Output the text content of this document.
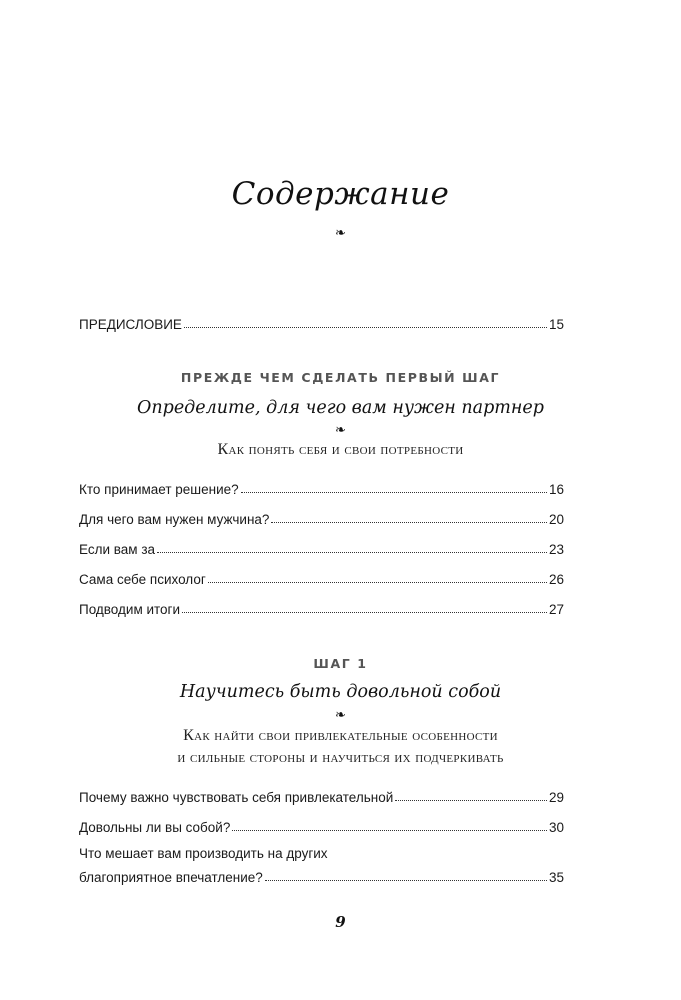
Содержание
❧
ПРЕДИСЛОВИЕ	15
ПРЕЖДЕ ЧЕМ СДЕЛАТЬ ПЕРВЫЙ ШАГ
Определите, для чего вам нужен партнер
❧
Как понять себя и свои потребности
Кто принимает решение?	16
Для чего вам нужен мужчина?	20
Если вам за	23
Сама себе психолог	26
Подводим итоги	27
ШАГ 1
Научитесь быть довольной собой
❧
Как найти свои привлекательные особенности
и сильные стороны и научиться их подчеркивать
Почему важно чувствовать себя привлекательной	29
Довольны ли вы собой?	30
Что мешает вам производить на других
благоприятное впечатление?	35
9
